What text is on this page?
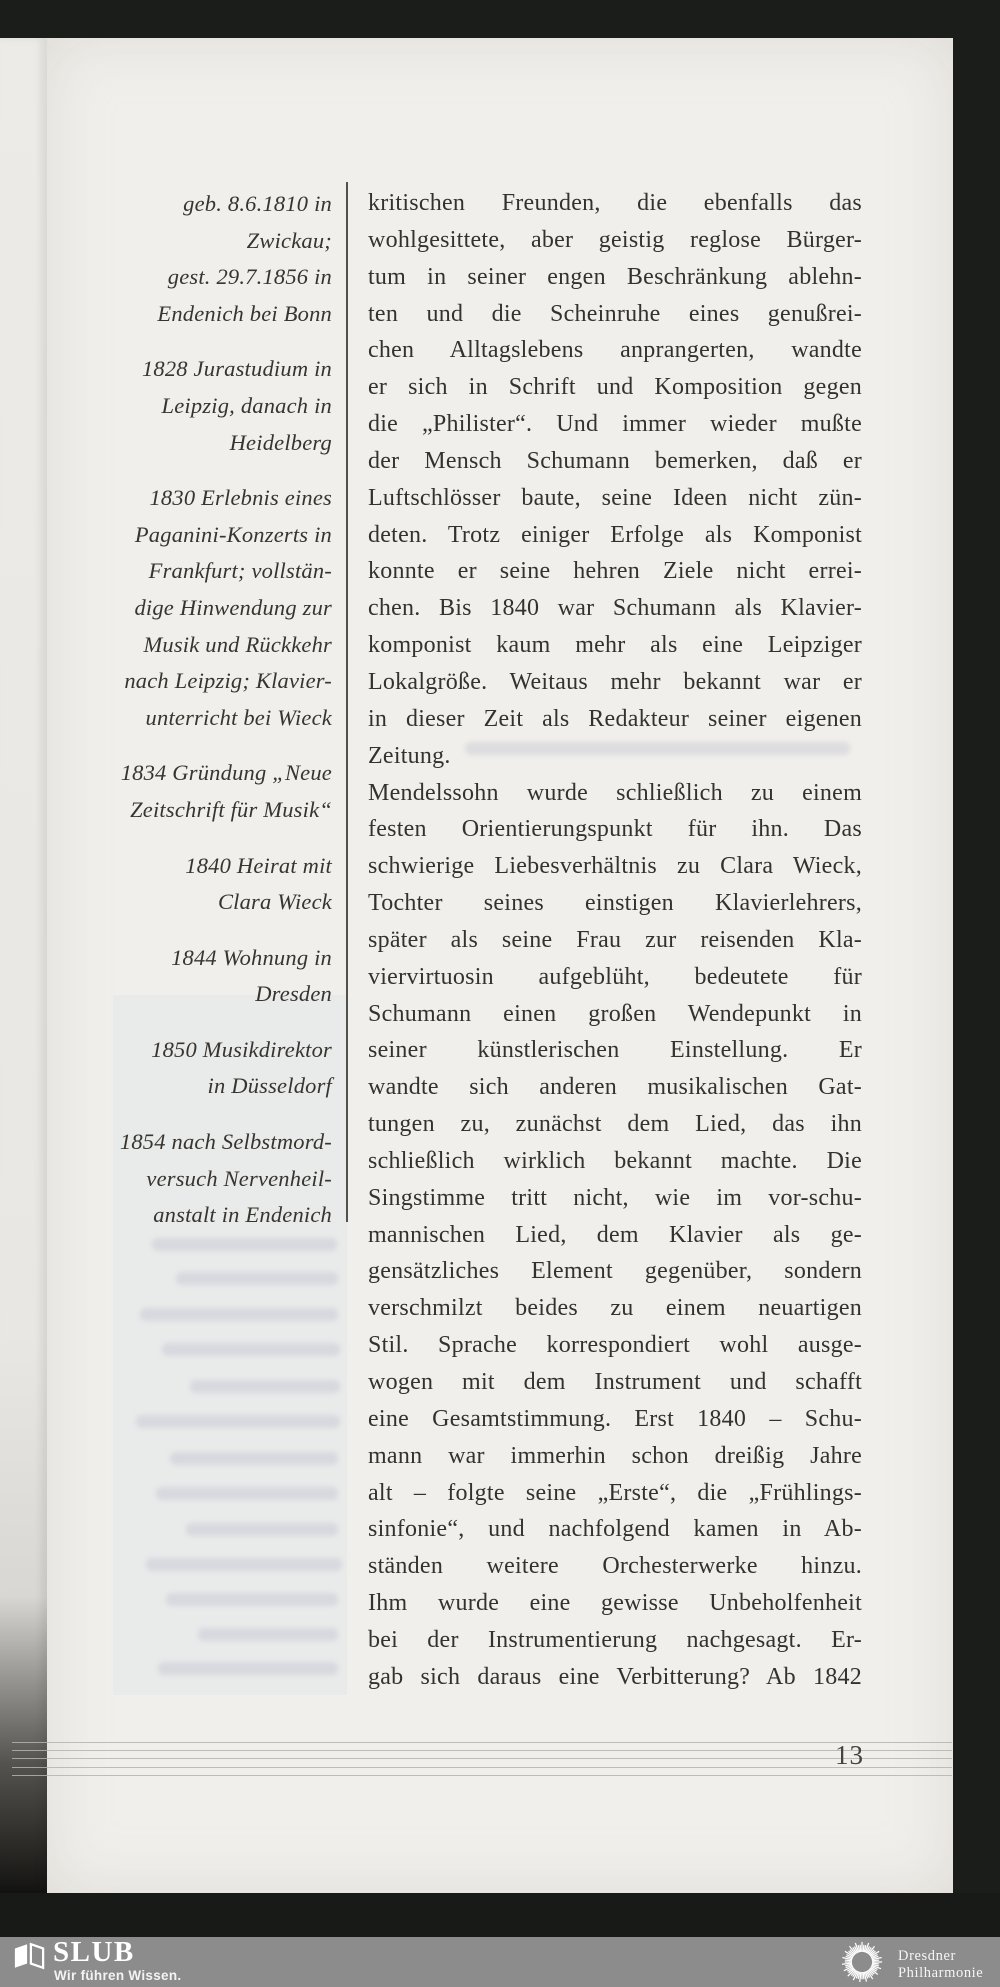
geb. 8.6.1810 in
Zwickau;
gest. 29.7.1856 in
Endenich bei Bonn
1828 Jurastudium in
Leipzig, danach in
Heidelberg
1830 Erlebnis eines
Paganini-Konzerts in
Frankfurt; vollstän-
dige Hinwendung zur
Musik und Rückkehr
nach Leipzig; Klavier-
unterricht bei Wieck
1834 Gründung „Neue
Zeitschrift für Musik“
1840 Heirat mit
Clara Wieck
1844 Wohnung in
Dresden
1850 Musikdirektor
in Düsseldorf
1854 nach Selbstmord-
versuch Nervenheil-
anstalt in Endenich
kritischen Freunden, die ebenfalls das
wohlgesittete, aber geistig reglose Bürger-
tum in seiner engen Beschränkung ablehn-
ten und die Scheinruhe eines genußrei-
chen Alltagslebens anprangerten, wandte
er sich in Schrift und Komposition gegen
die „Philister“. Und immer wieder mußte
der Mensch Schumann bemerken, daß er
Luftschlösser baute, seine Ideen nicht zün-
deten. Trotz einiger Erfolge als Komponist
konnte er seine hehren Ziele nicht errei-
chen. Bis 1840 war Schumann als Klavier-
komponist kaum mehr als eine Leipziger
Lokalgröße. Weitaus mehr bekannt war er
in dieser Zeit als Redakteur seiner eigenen
Zeitung.
Mendelssohn wurde schließlich zu einem
festen Orientierungspunkt für ihn. Das
schwierige Liebesverhältnis zu Clara Wieck,
Tochter seines einstigen Klavierlehrers,
später als seine Frau zur reisenden Kla-
viervirtuosin aufgeblüht, bedeutete für
Schumann einen großen Wendepunkt in
seiner künstlerischen Einstellung. Er
wandte sich anderen musikalischen Gat-
tungen zu, zunächst dem Lied, das ihn
schließlich wirklich bekannt machte. Die
Singstimme tritt nicht, wie im vor-schu-
mannischen Lied, dem Klavier als ge-
gensätzliches Element gegenüber, sondern
verschmilzt beides zu einem neuartigen
Stil. Sprache korrespondiert wohl ausge-
wogen mit dem Instrument und schafft
eine Gesamtstimmung. Erst 1840 – Schu-
mann war immerhin schon dreißig Jahre
alt – folgte seine „Erste“, die „Frühlings-
sinfonie“, und nachfolgend kamen in Ab-
ständen weitere Orchesterwerke hinzu.
Ihm wurde eine gewisse Unbeholfenheit
bei der Instrumentierung nachgesagt. Er-
gab sich daraus eine Verbitterung? Ab 1842
13
SLUB
Wir führen Wissen.
Dresdner
Philharmonie
